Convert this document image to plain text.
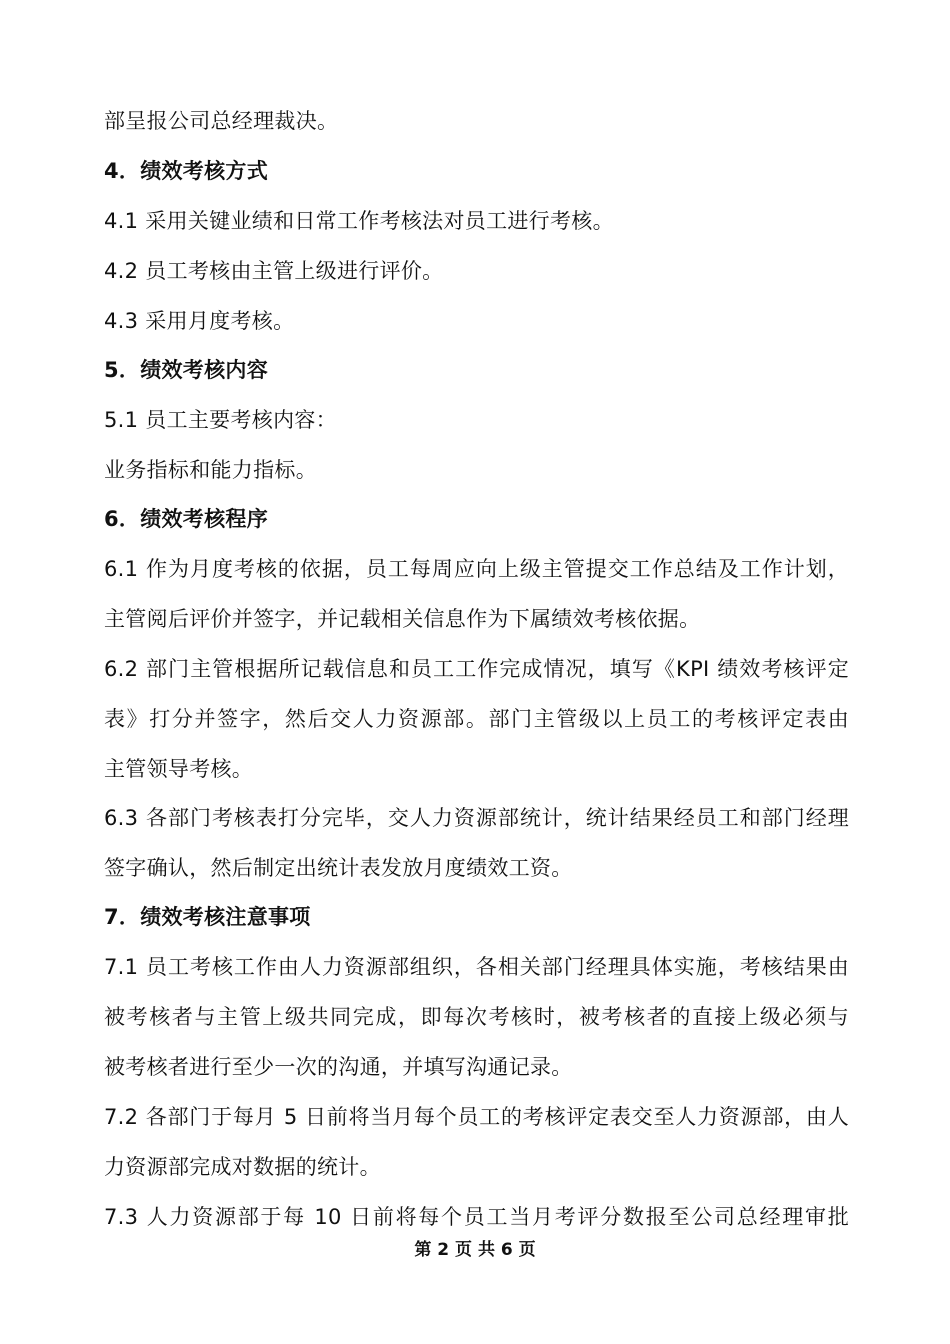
部呈报公司总经理裁决。
4．绩效考核方式
4.1 采用关键业绩和日常工作考核法对员工进行考核。
4.2 员工考核由主管上级进行评价。
4.3 采用月度考核。
5．绩效考核内容
5.1 员工主要考核内容：
业务指标和能力指标。
6．绩效考核程序
6.1 作为月度考核的依据，员工每周应向上级主管提交工作总结及工作计划，
主管阅后评价并签字，并记载相关信息作为下属绩效考核依据。
6.2 部门主管根据所记载信息和员工工作完成情况，填写《KPI 绩效考核评定
表》打分并签字，然后交人力资源部。部门主管级以上员工的考核评定表由
主管领导考核。
6.3 各部门考核表打分完毕，交人力资源部统计，统计结果经员工和部门经理
签字确认，然后制定出统计表发放月度绩效工资。
7．绩效考核注意事项
7.1 员工考核工作由人力资源部组织，各相关部门经理具体实施，考核结果由
被考核者与主管上级共同完成，即每次考核时，被考核者的直接上级必须与
被考核者进行至少一次的沟通，并填写沟通记录。
7.2 各部门于每月 5 日前将当月每个员工的考核评定表交至人力资源部，由人
力资源部完成对数据的统计。
7.3 人力资源部于每 10 日前将每个员工当月考评分数报至公司总经理审批
第 2 页 共 6 页
